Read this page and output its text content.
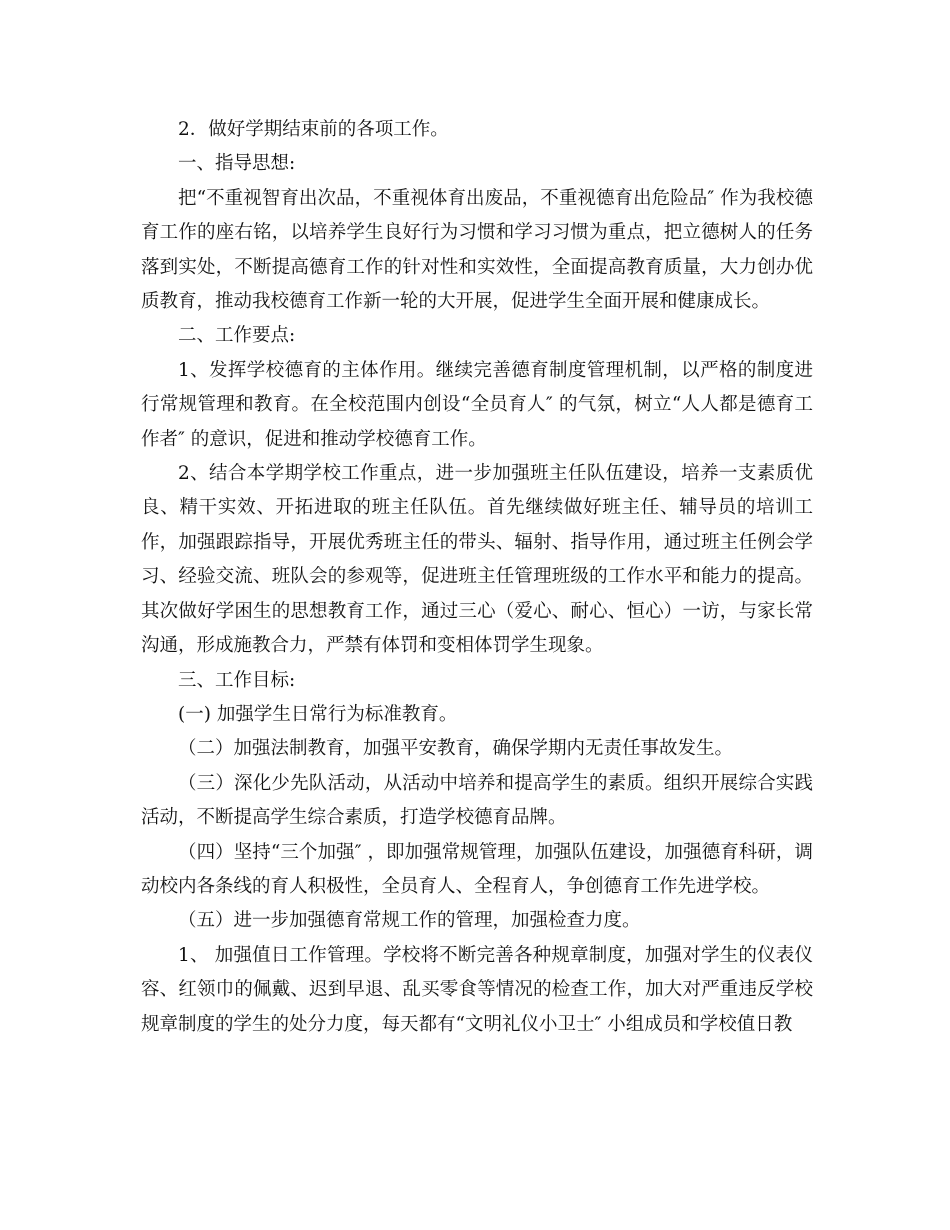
2．做好学期结束前的各项工作。

一、指导思想:

把“不重视智育出次品，不重视体育出废品，不重视德育出危险品″ 作为我校德育工作的座右铭，以培养学生良好行为习惯和学习习惯为重点，把立德树人的任务落到实处，不断提高德育工作的针对性和实效性，全面提高教育质量，大力创办优质教育，推动我校德育工作新一轮的大开展，促进学生全面开展和健康成长。

二、工作要点:

1、发挥学校德育的主体作用。继续完善德育制度管理机制，以严格的制度进行常规管理和教育。在全校范围内创设“全员育人″ 的气氛，树立“人人都是德育工作者″ 的意识，促进和推动学校德育工作。

2、结合本学期学校工作重点，进一步加强班主任队伍建设，培养一支素质优良、精干实效、开拓进取的班主任队伍。首先继续做好班主任、辅导员的培训工作，加强跟踪指导，开展优秀班主任的带头、辐射、指导作用，通过班主任例会学习、经验交流、班队会的参观等，促进班主任管理班级的工作水平和能力的提高。其次做好学困生的思想教育工作，通过三心（爱心、耐心、恒心）一访，与家长常沟通，形成施教合力，严禁有体罚和变相体罚学生现象。

三、工作目标:

(一) 加强学生日常行为标准教育。

（二）加强法制教育，加强平安教育，确保学期内无责任事故发生。

（三）深化少先队活动，从活动中培养和提高学生的素质。组织开展综合实践活动，不断提高学生综合素质，打造学校德育品牌。

（四）坚持“三个加强″ ，即加强常规管理，加强队伍建设，加强德育科研，调动校内各条线的育人积极性，全员育人、全程育人，争创德育工作先进学校。

（五）进一步加强德育常规工作的管理，加强检查力度。

1、 加强值日工作管理。学校将不断完善各种规章制度，加强对学生的仪表仪容、红领巾的佩戴、迟到早退、乱买零食等情况的检查工作，加大对严重违反学校规章制度的学生的处分力度，每天都有“文明礼仪小卫士″ 小组成员和学校值日教
